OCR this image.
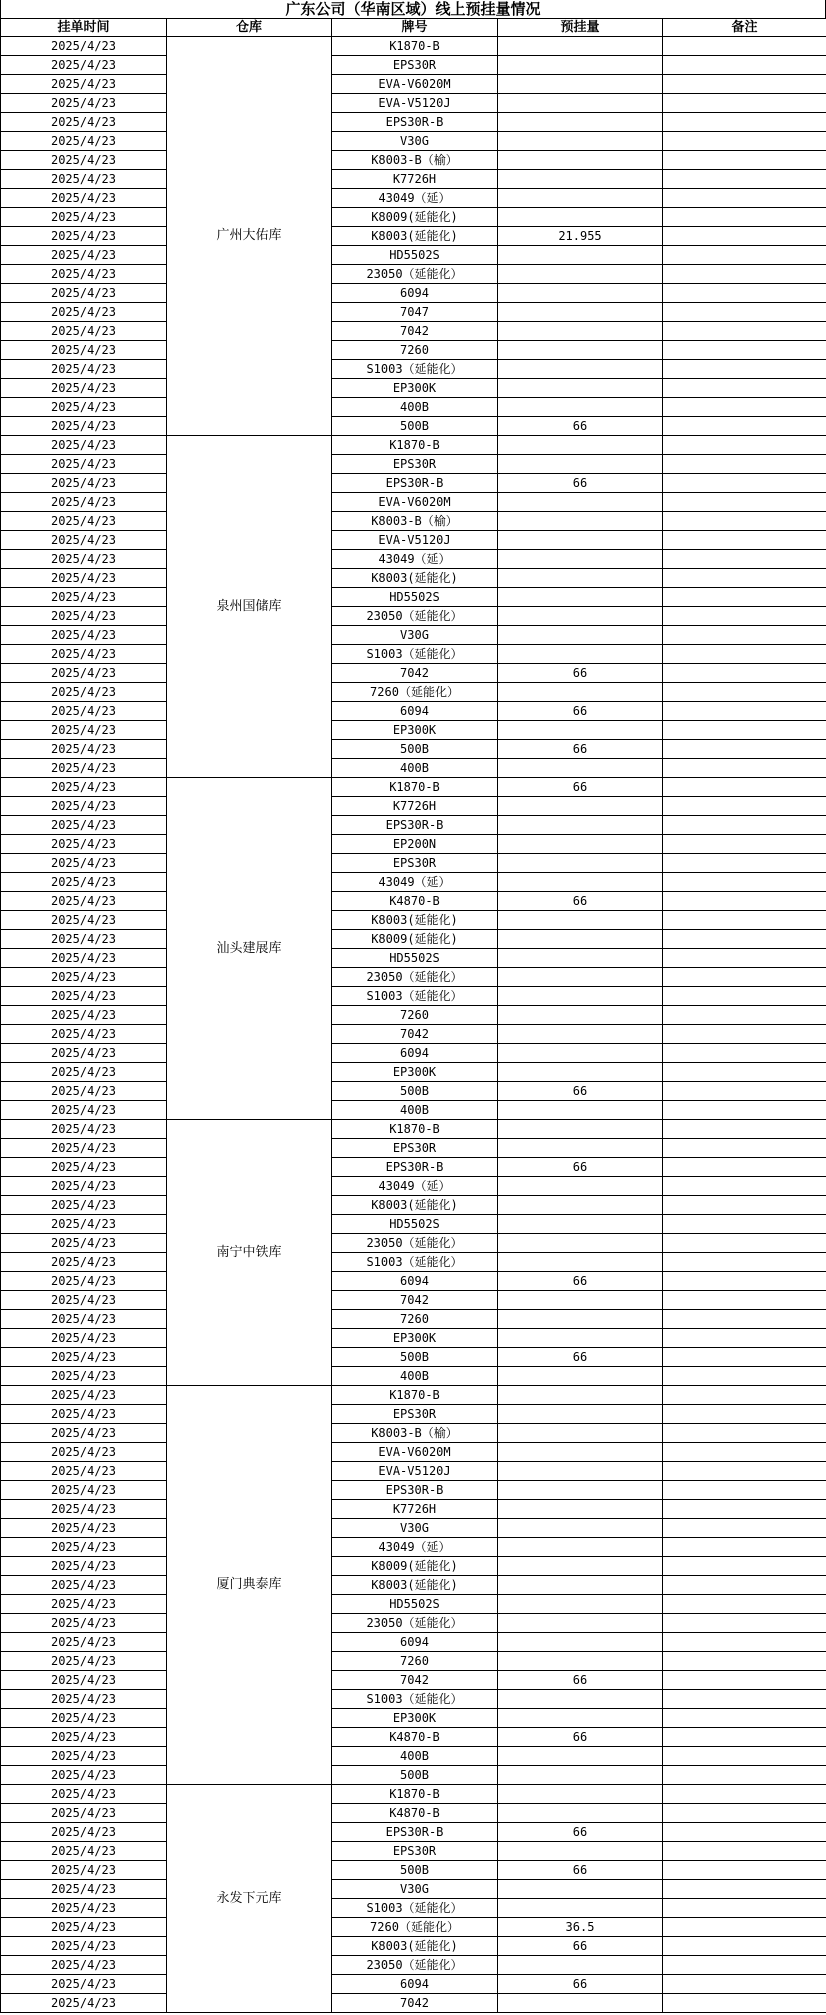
广东公司（华南区域）线上预挂量情况
挂单时间	仓库	牌号	预挂量	备注
2025/4/23	广州大佑库	K1870-B		
2025/4/23		EPS30R		
2025/4/23		EVA-V6020M		
2025/4/23		EVA-V5120J		
2025/4/23		EPS30R-B		
2025/4/23		V30G		
2025/4/23		K8003-B（榆）		
2025/4/23		K7726H		
2025/4/23		43049（延）		
2025/4/23		K8009(延能化)		
2025/4/23		K8003(延能化)	21.955	
2025/4/23		HD5502S		
2025/4/23		23050（延能化）		
2025/4/23		6094		
2025/4/23		7047		
2025/4/23		7042		
2025/4/23		7260		
2025/4/23		S1003（延能化）		
2025/4/23		EP300K		
2025/4/23		400B		
2025/4/23		500B	66	
2025/4/23	泉州国储库	K1870-B		
2025/4/23		EPS30R		
2025/4/23		EPS30R-B	66	
2025/4/23		EVA-V6020M		
2025/4/23		K8003-B（榆）		
2025/4/23		EVA-V5120J		
2025/4/23		43049（延）		
2025/4/23		K8003(延能化)		
2025/4/23		HD5502S		
2025/4/23		23050（延能化）		
2025/4/23		V30G		
2025/4/23		S1003（延能化）		
2025/4/23		7042	66	
2025/4/23		7260（延能化）		
2025/4/23		6094	66	
2025/4/23		EP300K		
2025/4/23		500B	66	
2025/4/23		400B		
2025/4/23	汕头建展库	K1870-B	66	
2025/4/23		K7726H		
2025/4/23		EPS30R-B		
2025/4/23		EP200N		
2025/4/23		EPS30R		
2025/4/23		43049（延）		
2025/4/23		K4870-B	66	
2025/4/23		K8003(延能化)		
2025/4/23		K8009(延能化)		
2025/4/23		HD5502S		
2025/4/23		23050（延能化）		
2025/4/23		S1003（延能化）		
2025/4/23		7260		
2025/4/23		7042		
2025/4/23		6094		
2025/4/23		EP300K		
2025/4/23		500B	66	
2025/4/23		400B		
2025/4/23	南宁中铁库	K1870-B		
2025/4/23		EPS30R		
2025/4/23		EPS30R-B	66	
2025/4/23		43049（延）		
2025/4/23		K8003(延能化)		
2025/4/23		HD5502S		
2025/4/23		23050（延能化）		
2025/4/23		S1003（延能化）		
2025/4/23		6094	66	
2025/4/23		7042		
2025/4/23		7260		
2025/4/23		EP300K		
2025/4/23		500B	66	
2025/4/23		400B		
2025/4/23	厦门典泰库	K1870-B		
2025/4/23		EPS30R		
2025/4/23		K8003-B（榆）		
2025/4/23		EVA-V6020M		
2025/4/23		EVA-V5120J		
2025/4/23		EPS30R-B		
2025/4/23		K7726H		
2025/4/23		V30G		
2025/4/23		43049（延）		
2025/4/23		K8009(延能化)		
2025/4/23		K8003(延能化)		
2025/4/23		HD5502S		
2025/4/23		23050（延能化）		
2025/4/23		6094		
2025/4/23		7260		
2025/4/23		7042	66	
2025/4/23		S1003（延能化）		
2025/4/23		EP300K		
2025/4/23		K4870-B	66	
2025/4/23		400B		
2025/4/23		500B		
2025/4/23	永发下元库	K1870-B		
2025/4/23		K4870-B		
2025/4/23		EPS30R-B	66	
2025/4/23		EPS30R		
2025/4/23		500B	66	
2025/4/23		V30G		
2025/4/23		S1003（延能化）		
2025/4/23		7260（延能化）	36.5	
2025/4/23		K8003(延能化)	66	
2025/4/23		23050（延能化）		
2025/4/23		6094	66	
2025/4/23		7042		
